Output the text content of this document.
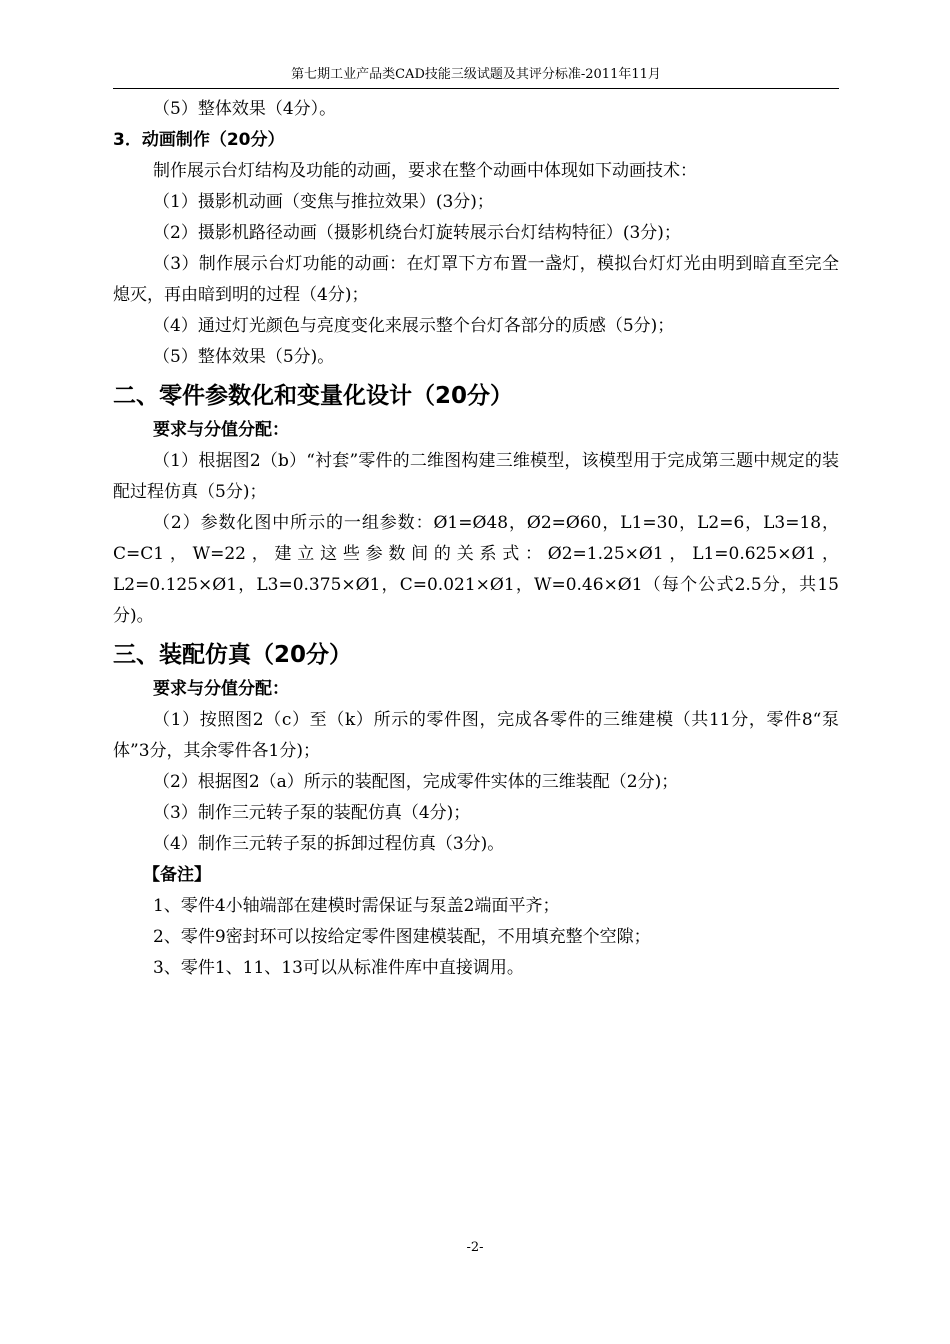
第七期工业产品类CAD技能三级试题及其评分标准-2011年11月
（5）整体效果（4分）。
3．动画制作（20分）
制作展示台灯结构及功能的动画，要求在整个动画中体现如下动画技术：
（1）摄影机动画（变焦与推拉效果）(3分)；
（2）摄影机路径动画（摄影机绕台灯旋转展示台灯结构特征）(3分)；
（3）制作展示台灯功能的动画：在灯罩下方布置一盏灯，模拟台灯灯光由明到暗直至完全熄灭，再由暗到明的过程（4分)；
（4）通过灯光颜色与亮度变化来展示整个台灯各部分的质感（5分)；
（5）整体效果（5分)。
二、零件参数化和变量化设计（20分）
要求与分值分配：
（1）根据图2（b）“衬套”零件的二维图构建三维模型，该模型用于完成第三题中规定的装配过程仿真（5分)；
（2）参数化图中所示的一组参数：Ø1=Ø48，Ø2=Ø60，L1=30，L2=6，L3=18，C=C1，W=22，建立这些参数间的关系式：Ø2=1.25×Ø1，L1=0.625×Ø1，L2=0.125×Ø1，L3=0.375×Ø1，C=0.021×Ø1，W=0.46×Ø1（每个公式2.5分，共15分)。
三、装配仿真（20分）
要求与分值分配：
（1）按照图2（c）至（k）所示的零件图，完成各零件的三维建模（共11分，零件8“泵体”3分，其余零件各1分)；
（2）根据图2（a）所示的装配图，完成零件实体的三维装配（2分)；
（3）制作三元转子泵的装配仿真（4分)；
（4）制作三元转子泵的拆卸过程仿真（3分)。
【备注】
1、零件4小轴端部在建模时需保证与泵盖2端面平齐；
2、零件9密封环可以按给定零件图建模装配，不用填充整个空隙；
3、零件1、11、13可以从标准件库中直接调用。
-2-
